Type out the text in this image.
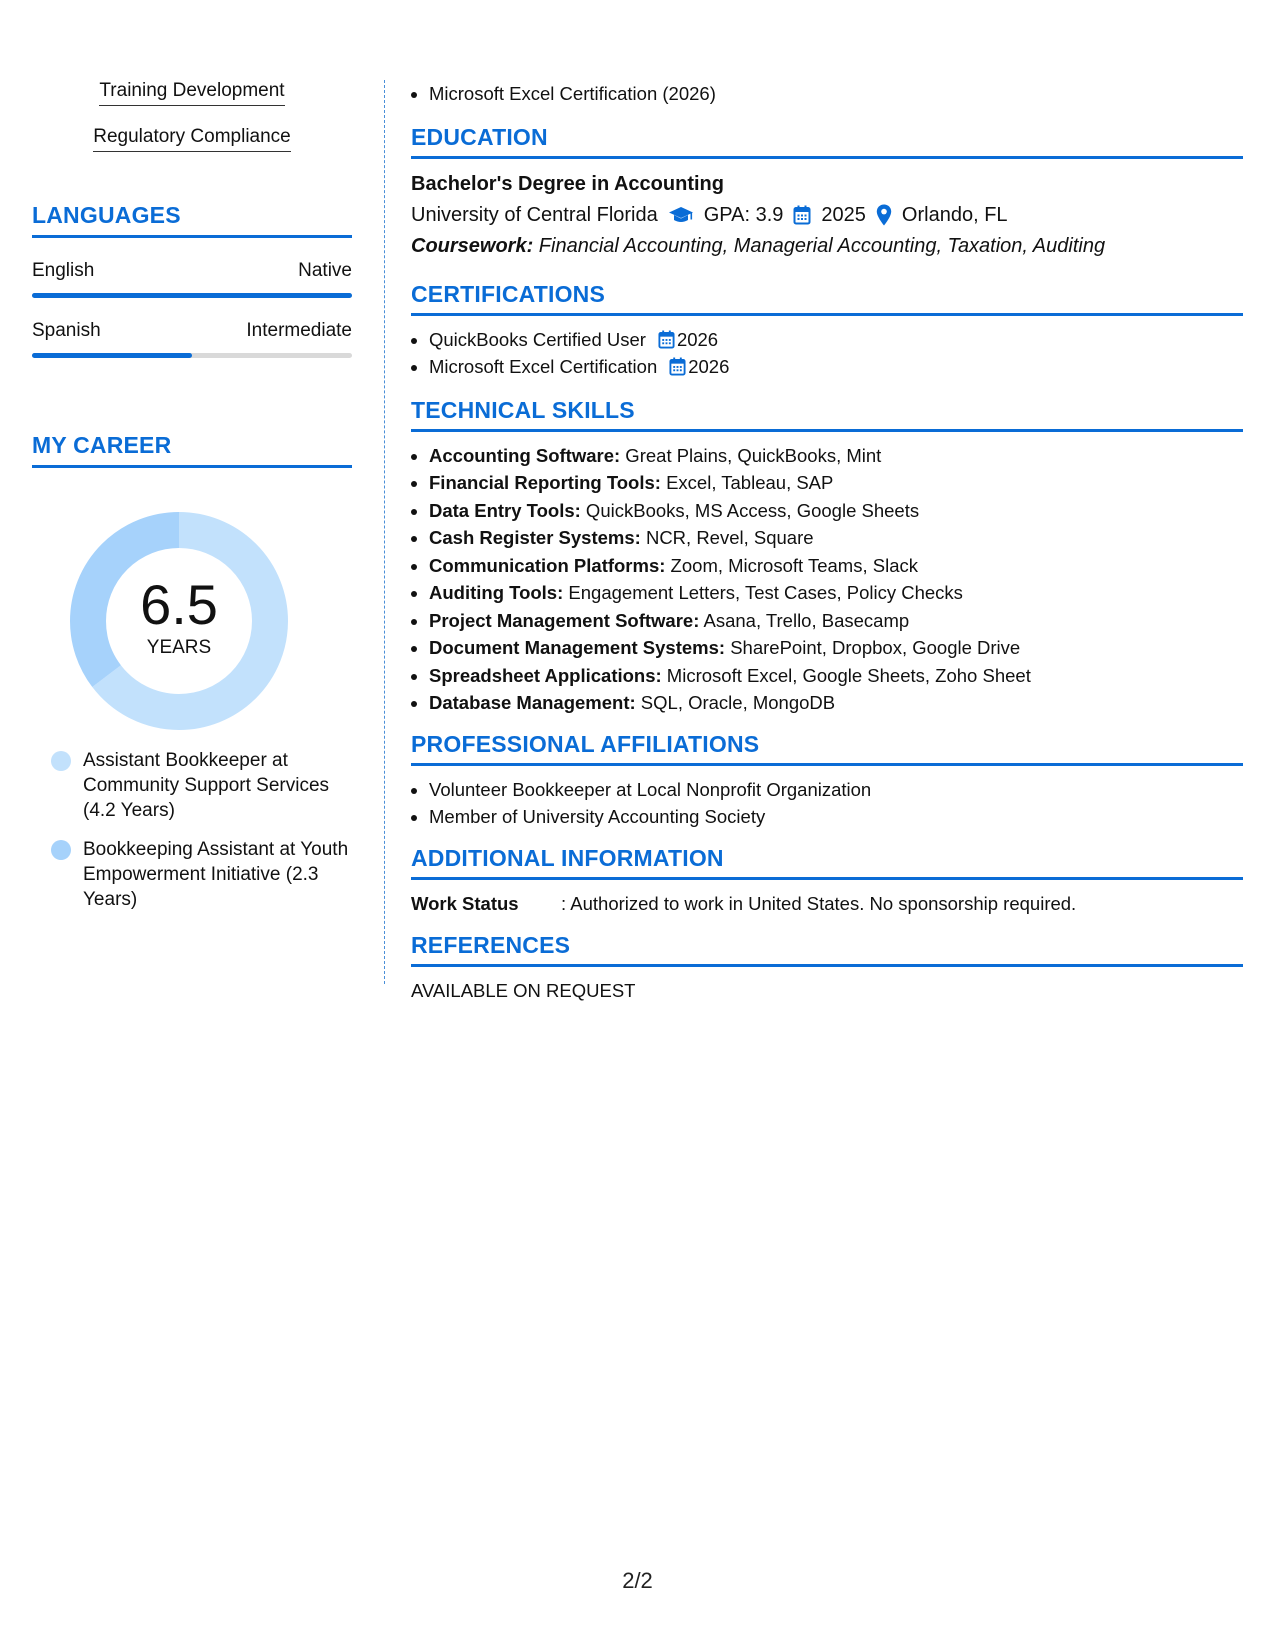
Training Development
Regulatory Compliance
LANGUAGES
English	Native
Spanish	Intermediate
MY CAREER
6.5
YEARS
Assistant Bookkeeper at Community Support Services (4.2 Years)
Bookkeeping Assistant at Youth Empowerment Initiative (2.3 Years)
• Microsoft Excel Certification (2026)
EDUCATION
Bachelor's Degree in Accounting
University of Central Florida GPA: 3.9 2025 Orlando, FL
Coursework: Financial Accounting, Managerial Accounting, Taxation, Auditing
CERTIFICATIONS
• QuickBooks Certified User 2026
• Microsoft Excel Certification 2026
TECHNICAL SKILLS
• Accounting Software: Great Plains, QuickBooks, Mint
• Financial Reporting Tools: Excel, Tableau, SAP
• Data Entry Tools: QuickBooks, MS Access, Google Sheets
• Cash Register Systems: NCR, Revel, Square
• Communication Platforms: Zoom, Microsoft Teams, Slack
• Auditing Tools: Engagement Letters, Test Cases, Policy Checks
• Project Management Software: Asana, Trello, Basecamp
• Document Management Systems: SharePoint, Dropbox, Google Drive
• Spreadsheet Applications: Microsoft Excel, Google Sheets, Zoho Sheet
• Database Management: SQL, Oracle, MongoDB
PROFESSIONAL AFFILIATIONS
• Volunteer Bookkeeper at Local Nonprofit Organization
• Member of University Accounting Society
ADDITIONAL INFORMATION
Work Status	: Authorized to work in United States. No sponsorship required.
REFERENCES
AVAILABLE ON REQUEST
2/2
